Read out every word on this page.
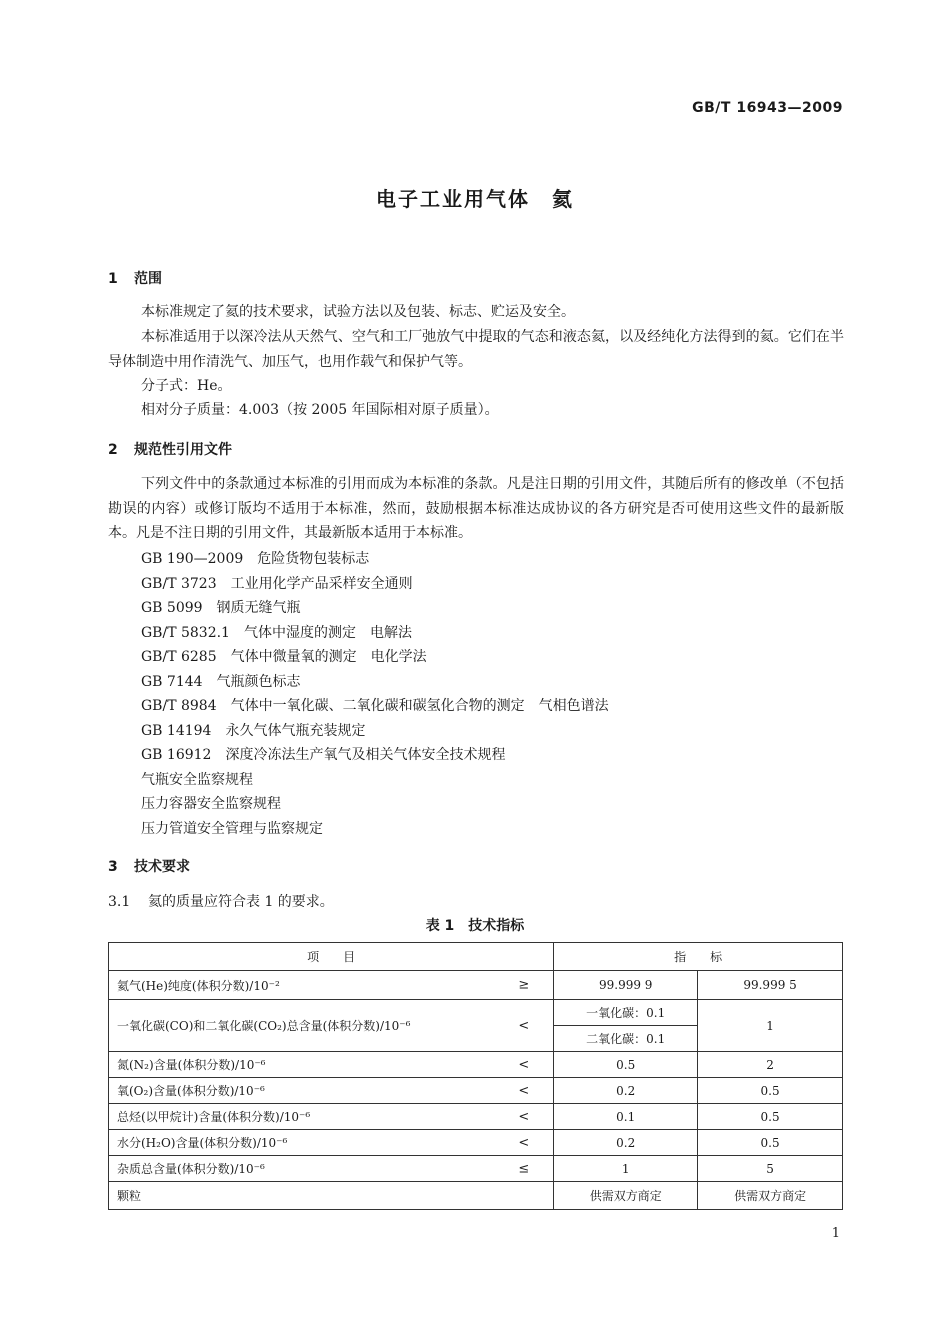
GB/T 16943—2009
电子工业用气体　氦
1 范围
本标准规定了氦的技术要求，试验方法以及包装、标志、贮运及安全。
本标准适用于以深冷法从天然气、空气和工厂弛放气中提取的气态和液态氦，以及经纯化方法得到的氦。它们在半导体制造中用作清洗气、加压气，也用作载气和保护气等。
分子式：He。
相对分子质量：4.003（按 2005 年国际相对原子质量）。
2 规范性引用文件
下列文件中的条款通过本标准的引用而成为本标准的条款。凡是注日期的引用文件，其随后所有的修改单（不包括勘误的内容）或修订版均不适用于本标准，然而，鼓励根据本标准达成协议的各方研究是否可使用这些文件的最新版本。凡是不注日期的引用文件，其最新版本适用于本标准。
GB 190—2009　危险货物包装标志
GB/T 3723　工业用化学产品采样安全通则
GB 5099　钢质无缝气瓶
GB/T 5832.1　气体中湿度的测定　电解法
GB/T 6285　气体中微量氧的测定　电化学法
GB 7144　气瓶颜色标志
GB/T 8984　气体中一氧化碳、二氧化碳和碳氢化合物的测定　气相色谱法
GB 14194　永久气体气瓶充装规定
GB 16912　深度冷冻法生产氧气及相关气体安全技术规程
气瓶安全监察规程
压力容器安全监察规程
压力管道安全管理与监察规定
3 技术要求
3.1 氦的质量应符合表 1 的要求。
表 1　技术指标
项　　目	指　　标	
氦气(He)纯度(体积分数)/10⁻² ≥	99.999 9	99.999 5
一氧化碳(CO)和二氧化碳(CO₂)总含量(体积分数)/10⁻⁶ <	一氧化碳：0.1	1
	二氧化碳：0.1	
氮(N₂)含量(体积分数)/10⁻⁶ <	0.5	2
氧(O₂)含量(体积分数)/10⁻⁶ <	0.2	0.5
总烃(以甲烷计)含量(体积分数)/10⁻⁶ <	0.1	0.5
水分(H₂O)含量(体积分数)/10⁻⁶ <	0.2	0.5
杂质总含量(体积分数)/10⁻⁶ ≤	1	5
颗粒	供需双方商定	供需双方商定
1
